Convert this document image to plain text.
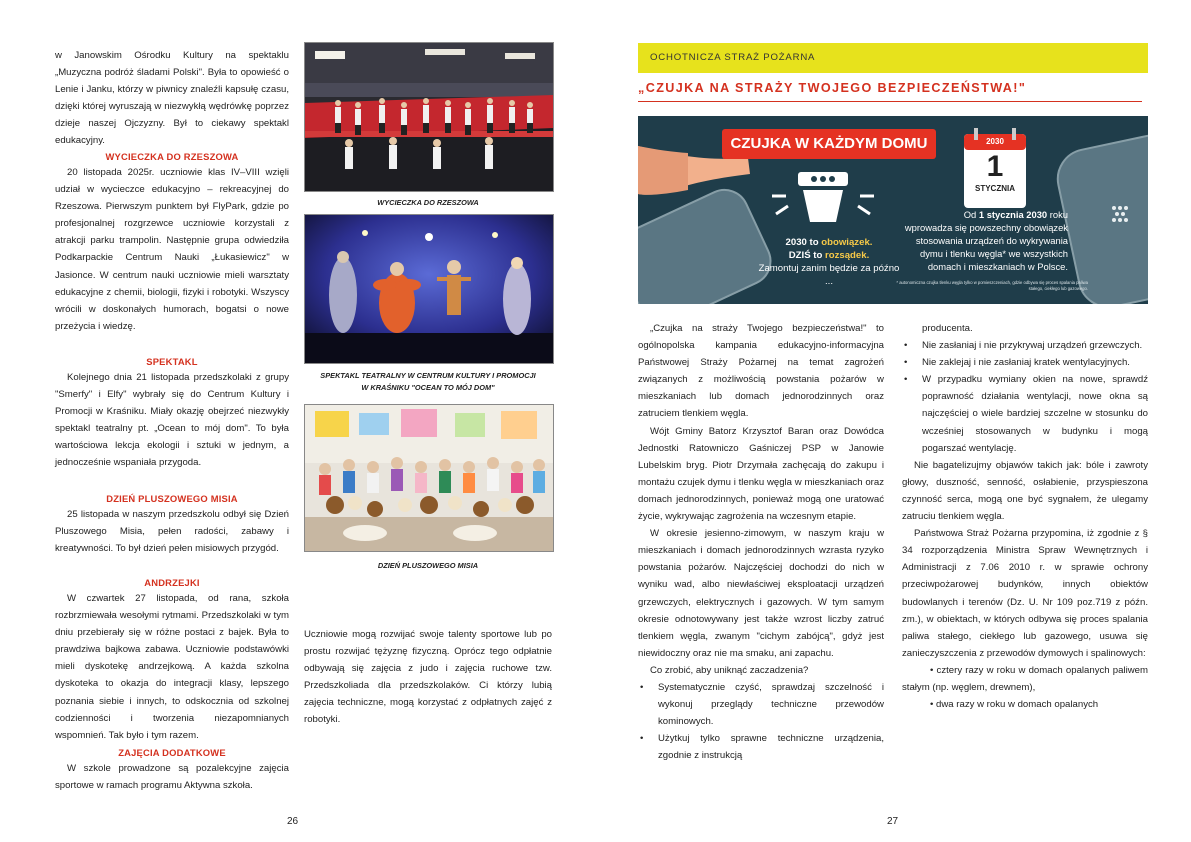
w Janowskim Ośrodku Kultury na spektaklu „Muzyczna podróż śladami Polski". Była to opowieść o Lenie i Janku, którzy w piwnicy znaleźli kapsułę czasu, dzięki której wyruszają w niezwykłą wędrówkę poprzez dzieje naszej Ojczyzny. Był to ciekawy spektakl edukacyjny.

WYCIECZKA DO RZESZOWA

20 listopada 2025r. uczniowie klas IV–VIII wzięli udział w wycieczce edukacyjno – rekreacyjnej do Rzeszowa. Pierwszym punktem był FlyPark, gdzie po profesjonalnej rozgrzewce uczniowie korzystali z atrakcji parku trampolin. Następnie grupa odwiedziła Podkarpackie Centrum Nauki „Łukasiewicz" w Jasionce. W centrum nauki uczniowie mieli warsztaty edukacyjne z chemii, biologii, fizyki i robotyki. Wszyscy wrócili w doskonałych humorach, bogatsi o nowe przeżycia i wiedzę.

SPEKTAKL

Kolejnego dnia 21 listopada przedszkolaki z grupy "Smerfy" i Elfy" wybrały się do Centrum Kultury i Promocji w Kraśniku. Miały okazję obejrzeć niezwykły spektakl teatralny pt. „Ocean to mój dom". To była wartościowa lekcja ekologii i sztuki w jednym, a jednocześnie wspaniała przygoda.

DZIEŃ PLUSZOWEGO MISIA

25 listopada w naszym przedszkolu odbył się Dzień Pluszowego Misia, pełen radości, zabawy i kreatywności. To był dzień pełen misiowych przygód.

ANDRZEJKI

W czwartek 27 listopada, od rana, szkoła rozbrzmiewała wesołymi rytmami. Przedszkolaki w tym dniu przebierały się w różne postaci z bajek. Była to prawdziwa bajkowa zabawa. Uczniowie podstawówki mieli dyskotekę andrzejkową. A każda szkolna dyskoteka to okazja do integracji klasy, lepszego poznania siebie i innych, to odskocznia od szkolnej codzienności i tworzenia niezapomnianych wspomnień. Tak było i tym razem.

ZAJĘCIA DODATKOWE

W szkole prowadzone są pozalekcyjne zajęcia sportowe w ramach programu Aktywna szkoła.

WYCIECZKA DO RZESZOWA
SPEKTAKL TEATRALNY W CENTRUM KULTURY I PROMOCJI W KRAŚNIKU "OCEAN TO MÓJ DOM"
DZIEŃ PLUSZOWEGO MISIA

Uczniowie mogą rozwijać swoje talenty sportowe lub po prostu rozwijać tężyznę fizyczną. Oprócz tego odpłatnie odbywają się zajęcia z judo i zajęcia ruchowe tzw. Przedszkoliada dla przedszkolaków. Ci którzy lubią zajęcia techniczne, mogą korzystać z odpłatnych zajęć z robotyki.

26
OCHOTNICZA STRAŻ POŻARNA
„CZUJKA NA STRAŻY TWOJEGO BEZPIECZEŃSTWA!"
CZUJKA W KAŻDYM DOMU	2030
1
STYCZNIA
2030 to obowiązek.
DZIŚ to rozsądek.
Zamontuj zanim będzie za późno ...
Od 1 stycznia 2030 roku
wprowadza się powszechny obowiązek
stosowania urządzeń do wykrywania
dymu i tlenku węgla* we wszystkich
domach i mieszkaniach w Polsce.
* autonomiczna czujka tlenku węgla tylko w pomieszczeniach, gdzie odbywa się proces spalania paliwa stałego, ciekłego lub gazowego.

„Czujka na straży Twojego bezpieczeństwa!" to ogólnopolska kampania edukacyjno-informacyjna Państwowej Straży Pożarnej na temat zagrożeń związanych z możliwością powstania pożarów w mieszkaniach lub domach jednorodzinnych oraz zatruciem tlenkiem węgla.

Wójt Gminy Batorz Krzysztof Baran oraz Dowódca Jednostki Ratowniczo Gaśniczej PSP w Janowie Lubelskim bryg. Piotr Drzymała zachęcają do zakupu i montażu czujek dymu i tlenku węgla w mieszkaniach oraz domach jednorodzinnych, ponieważ mogą one uratować życie, wykrywając zagrożenia na wczesnym etapie.

W okresie jesienno-zimowym, w naszym kraju w mieszkaniach i domach jednorodzinnych wzrasta ryzyko powstania pożarów. Najczęściej dochodzi do nich w wyniku wad, albo niewłaściwej eksploatacji urządzeń grzewczych, elektrycznych i gazowych. W tym samym okresie odnotowywany jest także wzrost liczby zatruć tlenkiem węgla, zwanym "cichym zabójcą", gdyż jest niewidoczny oraz nie ma smaku, ani zapachu.

Co zrobić, aby uniknąć zaczadzenia?

• Systematycznie czyść, sprawdzaj szczelność i wykonuj przeglądy techniczne przewodów kominowych.
• Użytkuj tylko sprawne techniczne urządzenia, zgodnie z instrukcją

producenta.

• Nie zasłaniaj i nie przykrywaj urządzeń grzewczych.
• Nie zaklejaj i nie zasłaniaj kratek wentylacyjnych.
• W przypadku wymiany okien na nowe, sprawdź poprawność działania wentylacji, nowe okna są najczęściej o wiele bardziej szczelne w stosunku do wcześniej stosowanych w budynku i mogą pogarszać wentylację.

Nie bagatelizujmy objawów takich jak: bóle i zawroty głowy, duszność, senność, osłabienie, przyspieszona czynność serca, mogą one być sygnałem, że ulegamy zatruciu tlenkiem węgla.

Państwowa Straż Pożarna przypomina, iż zgodnie z § 34 rozporządzenia Ministra Spraw Wewnętrznych i Administracji z 7.06 2010 r. w sprawie ochrony przeciwpożarowej budynków, innych obiektów budowlanych i terenów (Dz. U. Nr 109 poz.719 z późn. zm.), w obiektach, w których odbywa się proces spalania paliwa stałego, ciekłego lub gazowego, usuwa się zanieczyszczenia z przewodów dymowych i spalinowych:

• cztery razy w roku w domach opalanych paliwem stałym (np. węglem, drewnem),

• dwa razy w roku w domach opalanych

27
